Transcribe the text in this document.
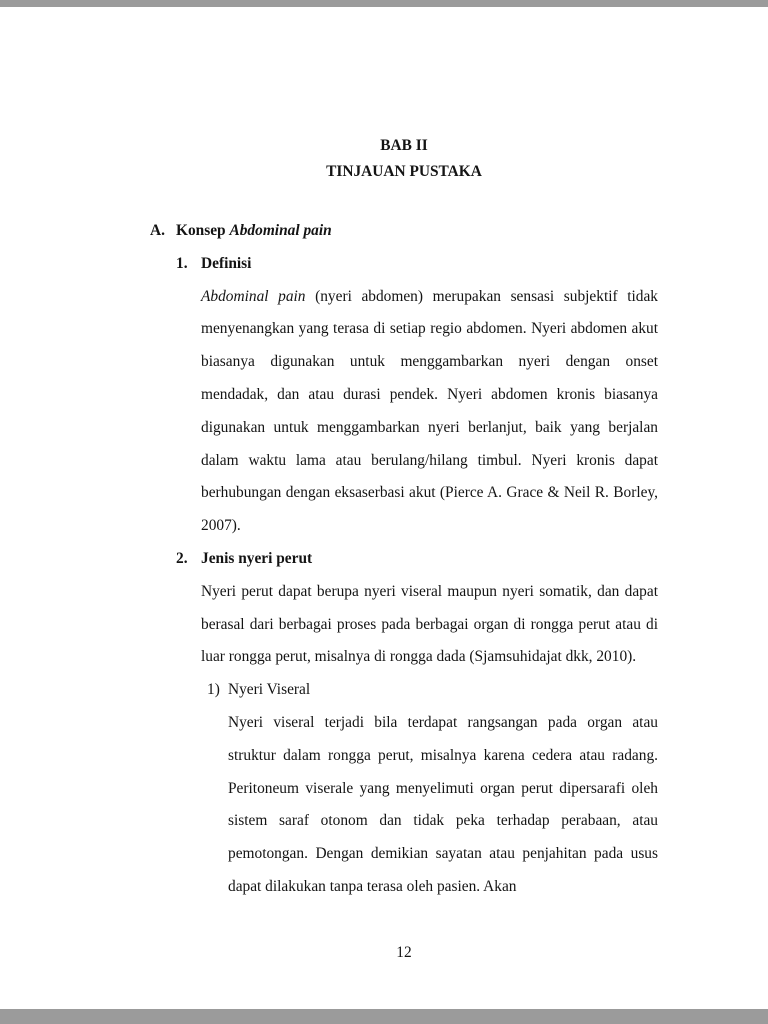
BAB II
TINJAUAN PUSTAKA
A. Konsep Abdominal pain
1. Definisi
Abdominal pain (nyeri abdomen) merupakan sensasi subjektif tidak menyenangkan yang terasa di setiap regio abdomen. Nyeri abdomen akut biasanya digunakan untuk menggambarkan nyeri dengan onset mendadak, dan atau durasi pendek. Nyeri abdomen kronis biasanya digunakan untuk menggambarkan nyeri berlanjut, baik yang berjalan dalam waktu lama atau berulang/hilang timbul. Nyeri kronis dapat berhubungan dengan eksaserbasi akut (Pierce A. Grace & Neil R. Borley, 2007).
2. Jenis nyeri perut
Nyeri perut dapat berupa nyeri viseral maupun nyeri somatik, dan dapat berasal dari berbagai proses pada berbagai organ di rongga perut atau di luar rongga perut, misalnya di rongga dada (Sjamsuhidajat dkk, 2010).
1) Nyeri Viseral
Nyeri viseral terjadi bila terdapat rangsangan pada organ atau struktur dalam rongga perut, misalnya karena cedera atau radang. Peritoneum viserale yang menyelimuti organ perut dipersarafi oleh sistem saraf otonom dan tidak peka terhadap perabaan, atau pemotongan. Dengan demikian sayatan atau penjahitan pada usus dapat dilakukan tanpa terasa oleh pasien. Akan
12
